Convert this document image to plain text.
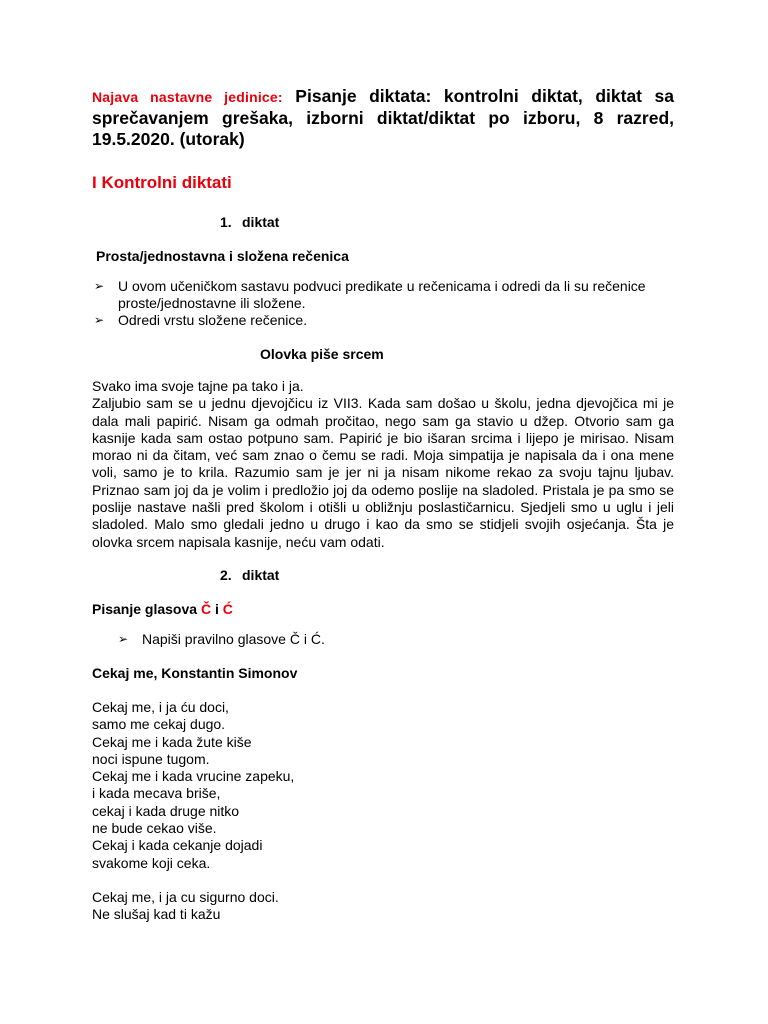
Najava nastavne jedinice: Pisanje diktata: kontrolni diktat, diktat sa sprečavanjem grešaka, izborni diktat/diktat po izboru, 8 razred, 19.5.2020. (utorak)
I Kontrolni diktati
1. diktat
Prosta/jednostavna i složena rečenica
➢ U ovom učeničkom sastavu podvuci predikate u rečenicama i odredi da li su rečenice proste/jednostavne ili složene.
➢ Odredi vrstu složene rečenice.
Olovka piše srcem
Svako ima svoje tajne pa tako i ja.
Zaljubio sam se u jednu djevojčicu iz VII3. Kada sam došao u školu, jedna djevojčica mi je dala mali papirić. Nisam ga odmah pročitao, nego sam ga stavio u džep. Otvorio sam ga kasnije kada sam ostao potpuno sam. Papirić je bio išaran srcima i lijepo je mirisao. Nisam morao ni da čitam, već sam znao o čemu se radi. Moja simpatija je napisala da i ona mene voli, samo je to krila. Razumio sam je jer ni ja nisam nikome rekao za svoju tajnu ljubav. Priznao sam joj da je volim i predložio joj da odemo poslije na sladoled. Pristala je pa smo se poslije nastave našli pred školom i otišli u obližnju poslastičarnicu. Sjedjeli smo u uglu i jeli sladoled. Malo smo gledali jedno u drugo i kao da smo se stidjeli svojih osjećanja. Šta je olovka srcem napisala kasnije, neću vam odati.
2. diktat
Pisanje glasova Č i Ć
➢ Napiši pravilno glasove Č i Ć.
Cekaj me, Konstantin Simonov
Cekaj me, i ja ću doci,
samo me cekaj dugo.
Cekaj me i kada žute kiše
noci ispune tugom.
Cekaj me i kada vrucine zapeku,
i kada mecava briše,
cekaj i kada druge nitko
ne bude cekao više.
Cekaj i kada cekanje dojadi
svakome koji ceka.
Cekaj me, i ja cu sigurno doci.
Ne slušaj kad ti kažu
